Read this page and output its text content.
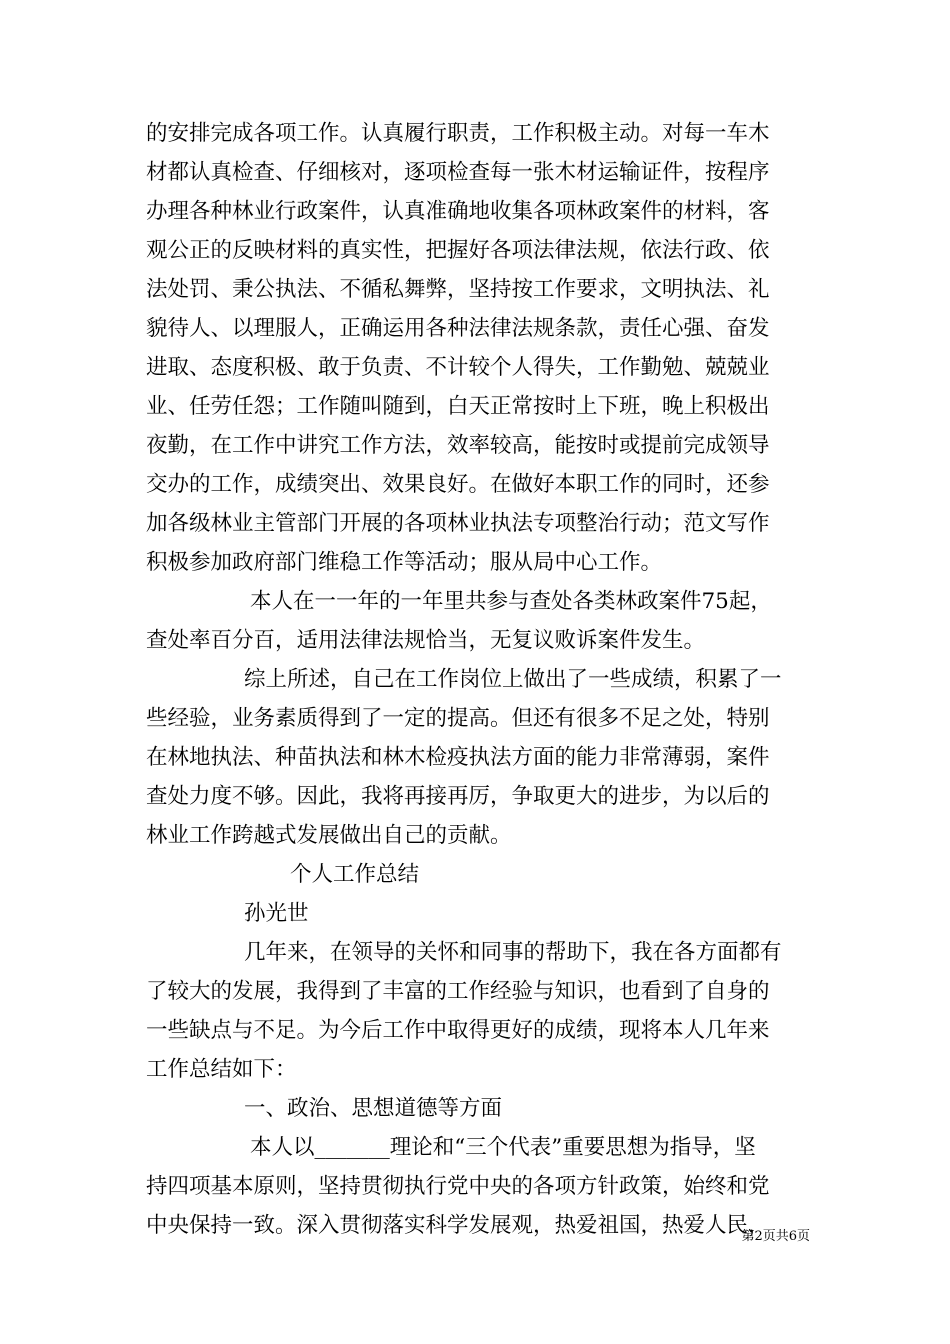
的安排完成各项工作。认真履行职责，工作积极主动。对每一车木
材都认真检查、仔细核对，逐项检查每一张木材运输证件，按程序
办理各种林业行政案件，认真准确地收集各项林政案件的材料，客
观公正的反映材料的真实性，把握好各项法律法规，依法行政、依
法处罚、秉公执法、不循私舞弊，坚持按工作要求，文明执法、礼
貌待人、以理服人，正确运用各种法律法规条款，责任心强、奋发
进取、态度积极、敢于负责、不计较个人得失，工作勤勉、兢兢业
业、任劳任怨；工作随叫随到，白天正常按时上下班，晚上积极出
夜勤，在工作中讲究工作方法，效率较高，能按时或提前完成领导
交办的工作，成绩突出、效果良好。在做好本职工作的同时，还参
加各级林业主管部门开展的各项林业执法专项整治行动；范文写作
积极参加政府部门维稳工作等活动；服从局中心工作。
本人在一一年的一年里共参与查处各类林政案件75起，
查处率百分百，适用法律法规恰当，无复议败诉案件发生。
综上所述，自己在工作岗位上做出了一些成绩，积累了一
些经验，业务素质得到了一定的提高。但还有很多不足之处，特别
在林地执法、种苗执法和林木检疫执法方面的能力非常薄弱，案件
查处力度不够。因此，我将再接再厉，争取更大的进步，为以后的
林业工作跨越式发展做出自己的贡献。
个人工作总结
孙光世
几年来，在领导的关怀和同事的帮助下，我在各方面都有
了较大的发展，我得到了丰富的工作经验与知识，也看到了自身的
一些缺点与不足。为今后工作中取得更好的成绩，现将本人几年来
工作总结如下：
一、政治、思想道德等方面
本人以_______理论和“三个代表”重要思想为指导，坚
持四项基本原则，坚持贯彻执行党中央的各项方针政策，始终和党
中央保持一致。深入贯彻落实科学发展观，热爱祖国，热爱人民，
第2页共6页
